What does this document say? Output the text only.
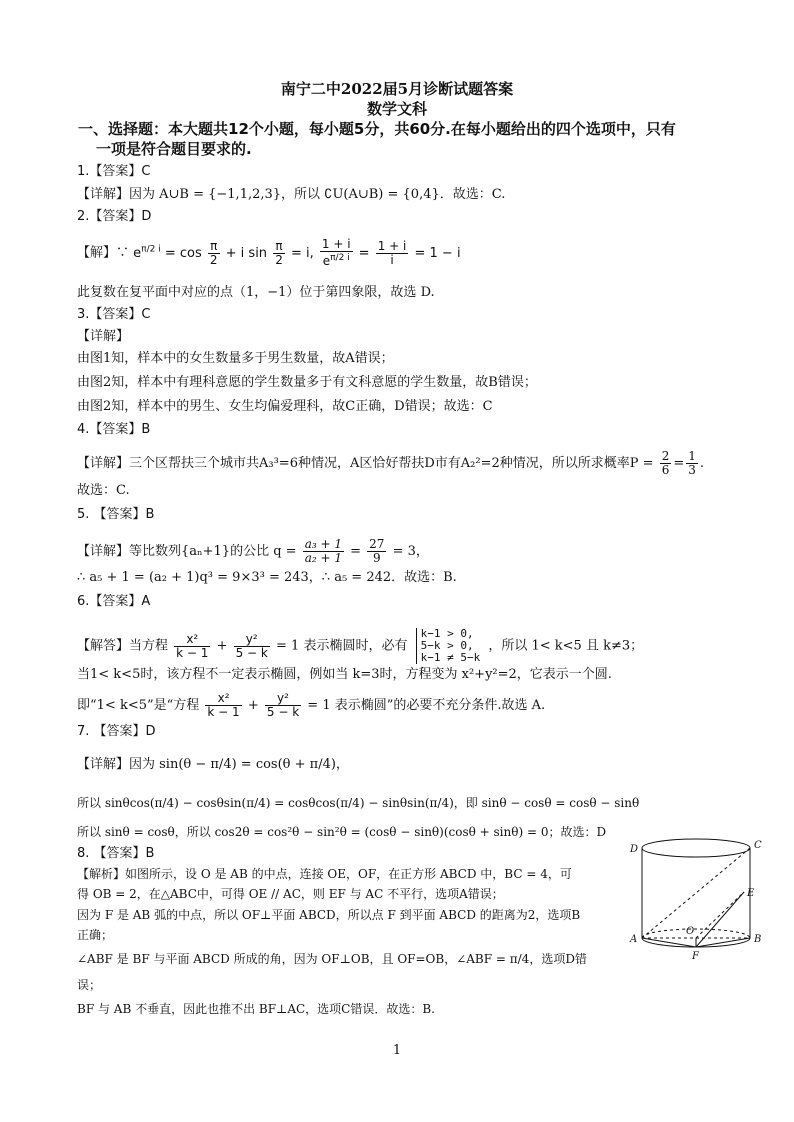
南宁二中2022届5月诊断试题答案
数学文科
一、选择题：本大题共12个小题，每小题5分，共60分.在每小题给出的四个选项中，只有
一项是符合题目要求的.
1.【答案】C
【详解】因为 A∪B = {−1,1,2,3}，所以 ∁U(A∪B) = {0,4}．故选：C.
2.【答案】D
【解】∵ $e^{\pi/2 i} = \cos \frac{\pi}{2} + i$ $\sin \frac{\pi}{2} = i$, $\frac{1 + i}{e^{\pi/2 i}} = \frac{1 + i}{i} = 1 - i$
此复数在复平面中对应的点（1，−1）位于第四象限，故选 D.
3.【答案】C
【详解】
由图1知，样本中的女生数量多于男生数量，故A错误；
由图2知，样本中有理科意愿的学生数量多于有文科意愿的学生数量，故B错误；
由图2知，样本中的男生、女生均偏爱理科，故C正确，D错误；故选：C
4.【答案】B
【详解】三个区帮扶三个城市共A₃³=6种情况，A区恰好帮扶D市有A₂²=2种情况，所以所求概率$P = \frac{2}{6} = \frac{1}{3}$ .
故选：C.
5. 【答案】B
【详解】等比数列{aₙ+1}的公比 $q = \frac{\text{a₃ + 1}}{\text{a₂ + 1}} = \frac{27}{9} = 3$，
∴ a₅ + 1 = (a₂ + 1)q³ = 9×3³ = 243，∴ a₅ = 242．故选：B.
6.【答案】A
【解答】当方程 $\frac{\text{x²}}{k - 1} + \frac{\text{y²}}{5 - k} = 1$ 表示椭圆时，必有 k−1 > 0,
5−k > 0,
k−1 ≠ 5−k ，所以 1< k<5 且 k≠3；
当1< k<5时，该方程不一定表示椭圆，例如当 k=3时，方程变为 x²+y²=2，它表示一个圆.
即“1< k<5”是“方程 $\frac{\text{x²}}{k - 1} + \frac{\text{y²}}{5 - k} = 1$ 表示椭圆”的必要不充分条件.故选 A.
7. 【答案】D
【详解】因为 sin(θ − π/4) = cos(θ + π/4)，
所以 sinθcos(π/4) − cosθsin(π/4) = cosθcos(π/4) − sinθsin(π/4)，即 sinθ − cosθ = cosθ − sinθ
所以 sinθ = cosθ，所以 cos2θ = cos²θ − sin²θ = (cosθ − sinθ)(cosθ + sinθ) = 0；故选：D
8. 【答案】B
【解析】如图所示，设 O 是 AB 的中点，连接 OE，OF，在正方形 ABCD 中，BC = 4，可
得 OB = 2，在△ABC中，可得 OE // AC，则 EF 与 AC 不平行，选项A错误；
因为 F 是 AB 弧的中点，所以 OF⊥平面 ABCD，所以点 F 到平面 ABCD 的距离为2，选项B
正确；
∠ABF 是 BF 与平面 ABCD 所成的角，因为 OF⊥OB，且 OF=OB，∠ABF = π/4，选项D错
误；
BF 与 AB 不垂直，因此也推不出 BF⊥AC，选项C错误．故选：B.
D	C
E
O
A	B
F
1
